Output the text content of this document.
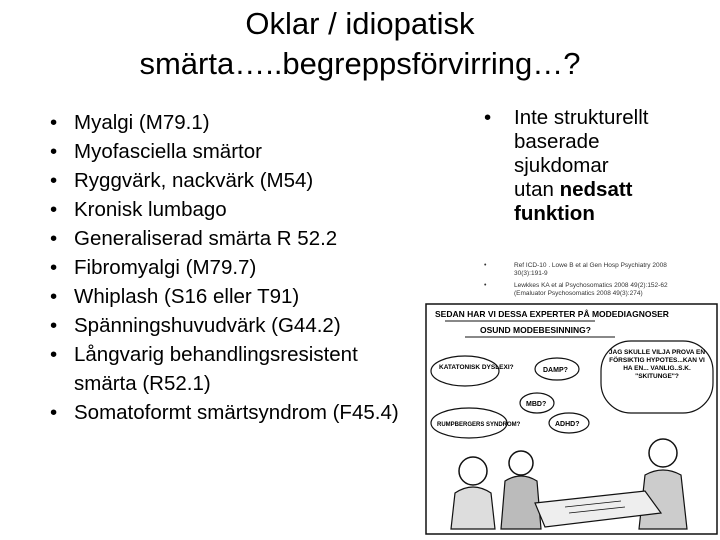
Oklar / idiopatisk smärta…..begreppsförvirring…?
• Myalgi (M79.1)
• Myofasciella smärtor
• Ryggvärk, nackvärk (M54)
• Kronisk lumbago
• Generaliserad smärta R 52.2
• Fibromyalgi (M79.7)
• Whiplash (S16 eller T91)
• Spänningshuvudvärk (G44.2)
• Långvarig behandlingsresistent smärta (R52.1)
• Somatoformt smärtsyndrom (F45.4)
• Inte strukturellt baserade sjukdomar utan nedsatt funktion
• Ref ICD-10 . Lowe B et al Gen Hosp Psychiatry 2008 30(3):191-9
• Lewkkes KA et al Psychosomatics 2008 49(2):152-62 (Emaluator Psychosomatics 2008 49(3):274)
SEDAN HAR VI DESSA EXPERTER PÅ MODEDIAGNOSER
OSUND MODEBESINNING?
KATATONISK DYSLEXI?	DAMP?
MBD?
ADHD?
RUMPBERGERS SYNDROM?
JAG SKULLE VILJA PROVA EN FÖRSIKTIG HYPOTES...KAN VI HA EN... VANLIG..S.K. "SKITUNGE"?
